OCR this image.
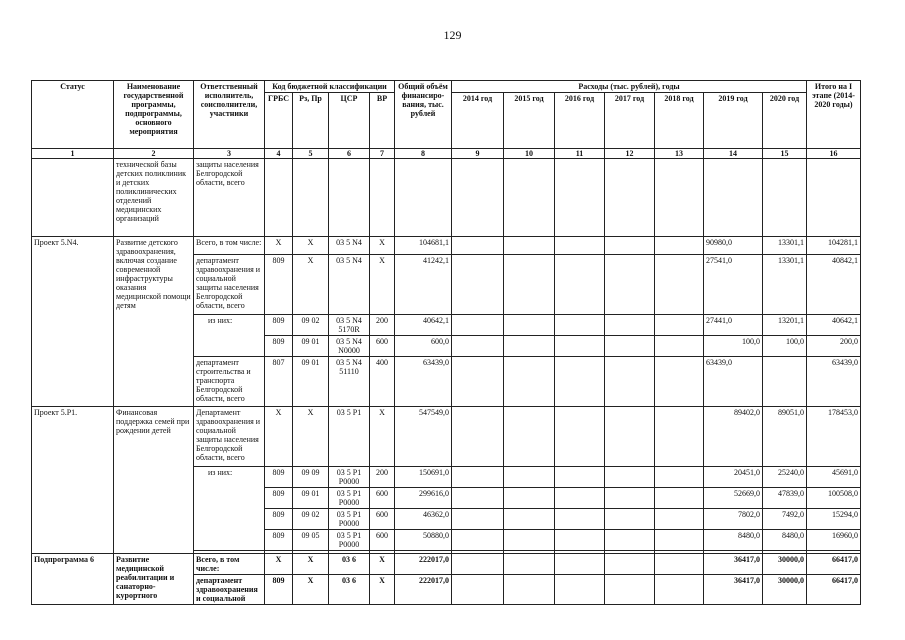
129
Статус	Наименование государственной программы, подпрограммы, основного мероприятия	Ответственный исполнитель, соисполнители, участники	Код бюджетной классификации				Общий объём финансиро-вания, тыс. рублей	Расходы (тыс. рублей), годы							Итого на I этапе (2014-2020 годы)
			ГРБС	Рз, Пр	ЦСР	ВР		2014 год	2015 год	2016 год	2017 год	2018 год	2019 год	2020 год	
1	2	3	4	5	6	7	8	9	10	11	12	13	14	15	16
	технической базы детских поликлиник и детских поликлинических отделений медицинских организаций	защиты населения Белгородской области, всего													
Проект 5.N4.	Развитие детского здравоохранения, включая создание современной инфраструктуры оказания медицинской помощи детям	Всего, в том числе:	Х	Х	03 5 N4	Х	104681,1						90980,0	13301,1	104281,1
		департамент здравоохранения и социальной защиты населения Белгородской области, всего	809	Х	03 5 N4	Х	41242,1						27541,0	13301,1	40842,1
		из них:	809	09 02	03 5 N4 5170R	200	40642,1						27441,0	13201,1	40642,1
			809	09 01	03 5 N4 N0000	600	600,0						100,0	100,0	200,0
		департамент строительства и транспорта Белгородской области, всего	807	09 01	03 5 N4 51110	400	63439,0						63439,0		63439,0
Проект 5.P1.	Финансовая поддержка семей при рождении детей	Департамент здравоохранения и социальной защиты населения Белгородской области, всего	Х	Х	03 5 P1	Х	547549,0						89402,0	89051,0	178453,0
		из них:	809	09 09	03 5 P1 P0000	200	150691,0						20451,0	25240,0	45691,0
			809	09 01	03 5 P1 P0000	600	299616,0						52669,0	47839,0	100508,0
			809	09 02	03 5 P1 P0000	600	46362,0						7802,0	7492,0	15294,0
			809	09 05	03 5 P1 P0000	600	50880,0						8480,0	8480,0	16960,0

Подпрограмма 6	Развитие медицинской реабилитации и санаторно-курортного	Всего, в том числе:	Х	Х	03 6	Х	222017,0						36417,0	30000,0	66417,0
		департамент здравоохранения и социальной	809	Х	03 6	Х	222017,0						36417,0	30000,0	66417,0
